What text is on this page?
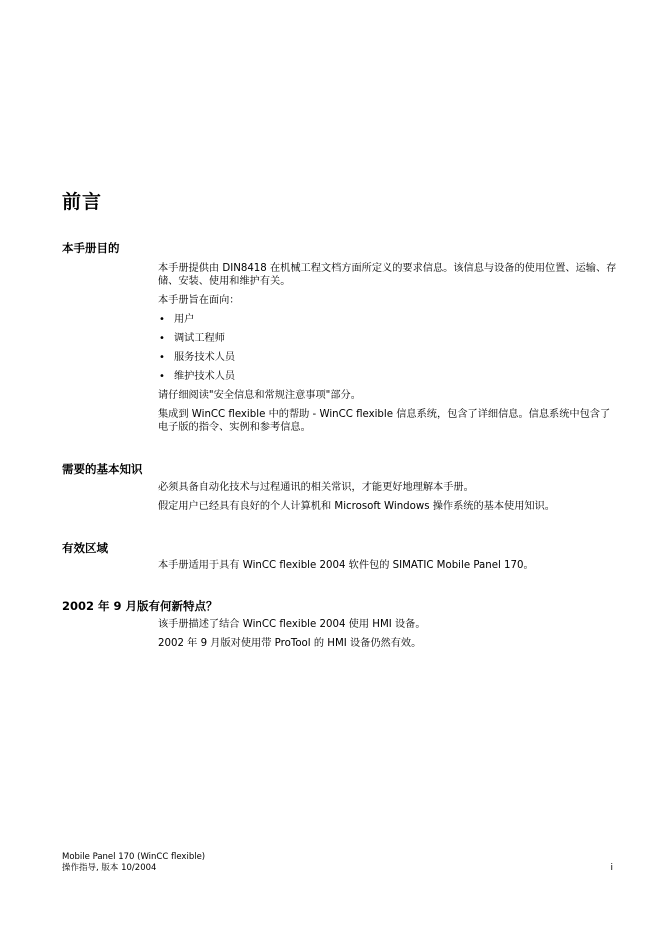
前言
本手册目的

本手册提供由 DIN8418 在机械工程文档方面所定义的要求信息。该信息与设备的使用位置、运输、存储、安装、使用和维护有关。

本手册旨在面向：

• 用户
• 调试工程师
• 服务技术人员
• 维护技术人员

请仔细阅读"安全信息和常规注意事项"部分。

集成到 WinCC flexible 中的帮助 - WinCC flexible 信息系统，包含了详细信息。信息系统中包含了电子版的指令、实例和参考信息。

需要的基本知识

必须具备自动化技术与过程通讯的相关常识，才能更好地理解本手册。

假定用户已经具有良好的个人计算机和 Microsoft Windows 操作系统的基本使用知识。

有效区域

本手册适用于具有 WinCC flexible 2004 软件包的 SIMATIC Mobile Panel 170。

2002 年 9 月版有何新特点？

该手册描述了结合 WinCC flexible 2004 使用 HMI 设备。

2002 年 9 月版对使用带 ProTool 的 HMI 设备仍然有效。

Mobile Panel 170 (WinCC flexible)
操作指导, 版本 10/2004	i
